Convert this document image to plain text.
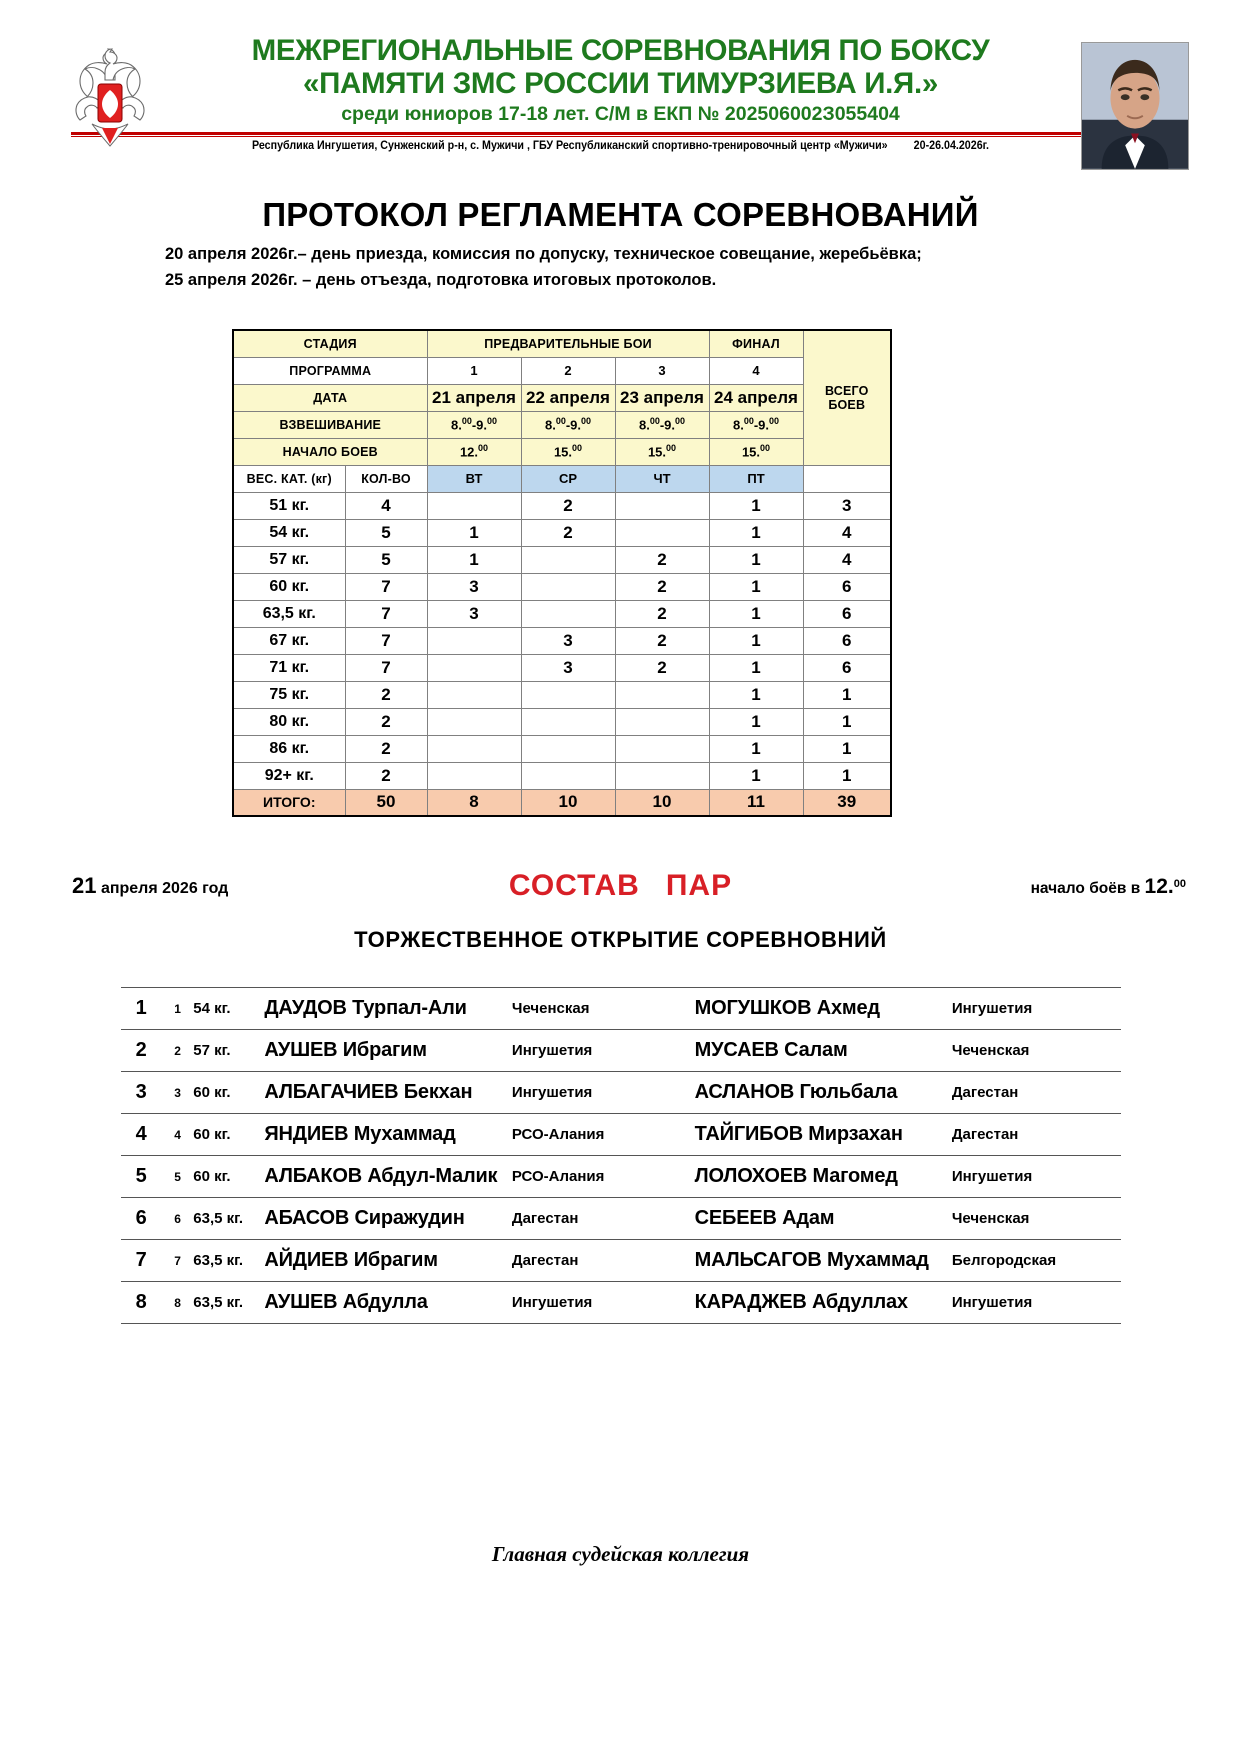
МЕЖРЕГИОНАЛЬНЫЕ СОРЕВНОВАНИЯ ПО БОКСУ
«ПАМЯТИ ЗМС РОССИИ ТИМУРЗИЕВА И.Я.»
среди юниоров 17-18 лет. С/М в ЕКП № 202506002З055404
Республика Ингушетия, Сунженский р-н, с. Мужичи , ГБУ Республиканский спортивно-тренировочный центр «Мужичи» 20-26.04.2026г.
ПРОТОКОЛ РЕГЛАМЕНТА СОРЕВНОВАНИЙ
20 апреля 2026г.– день приезда, комиссия по допуску, техническое совещание, жеребьёвка;
25 апреля 2026г. – день отъезда, подготовка итоговых протоколов.
СТАДИЯ		ПРЕДВАРИТЕЛЬНЫЕ БОИ			ФИНАЛ	ВСЕГО
БОЕВ

ПРОГРАММА		1	2	3	4	
ДАТА		21 апреля	22 апреля	23 апреля	24 апреля	
ВЗВЕШИВАНИЕ		8.00-9.00	8.00-9.00	8.00-9.00	8.00-9.00
НАЧАЛО БОЕВ		12.00	15.00	15.00	15.00
ВЕС. КАТ. (кг)	КОЛ-ВО	ВТ	СР	ЧТ	ПТ	
51 кг.	4		2		1	3
54 кг.	5	1	2		1	4
57 кг.	5	1		2	1	4
60 кг.	7	3		2	1	6
63,5 кг.	7	3		2	1	6
67 кг.	7		3	2	1	6
71 кг.	7		3	2	1	6
75 кг.	2				1	1
80 кг.	2				1	1
86 кг.	2				1	1
92+ кг.	2				1	1
ИТОГО:	50	8	10	10	11	39
21 апреля 2026 год	СОСТАВ ПАР	начало боёв в 12.00
ТОРЖЕСТВЕННОЕ ОТКРЫТИЕ СОРЕВНОВНИЙ
1	1	54 кг.	ДАУДОВ Турпал-Али	Чеченская	МОГУШКОВ Ахмед	Ингушетия
2	2	57 кг.	АУШЕВ Ибрагим	Ингушетия	МУСАЕВ Салам	Чеченская
3	3	60 кг.	АЛБАГАЧИЕВ Бекхан	Ингушетия	АСЛАНОВ Гюльбала	Дагестан
4	4	60 кг.	ЯНДИЕВ Мухаммад	РСО-Алания	ТАЙГИБОВ Мирзахан	Дагестан
5	5	60 кг.	АЛБАКОВ Абдул-Малик	РСО-Алания	ЛОЛОХОЕВ Магомед	Ингушетия
6	6	63,5 кг.	АБАСОВ Сиражудин	Дагестан	СЕБЕЕВ Адам	Чеченская
7	7	63,5 кг.	АЙДИЕВ Ибрагим	Дагестан	МАЛЬСАГОВ Мухаммад	Белгородская
8	8	63,5 кг.	АУШЕВ Абдулла	Ингушетия	КАРАДЖЕВ Абдуллах	Ингушетия
Главная судейская коллегия
